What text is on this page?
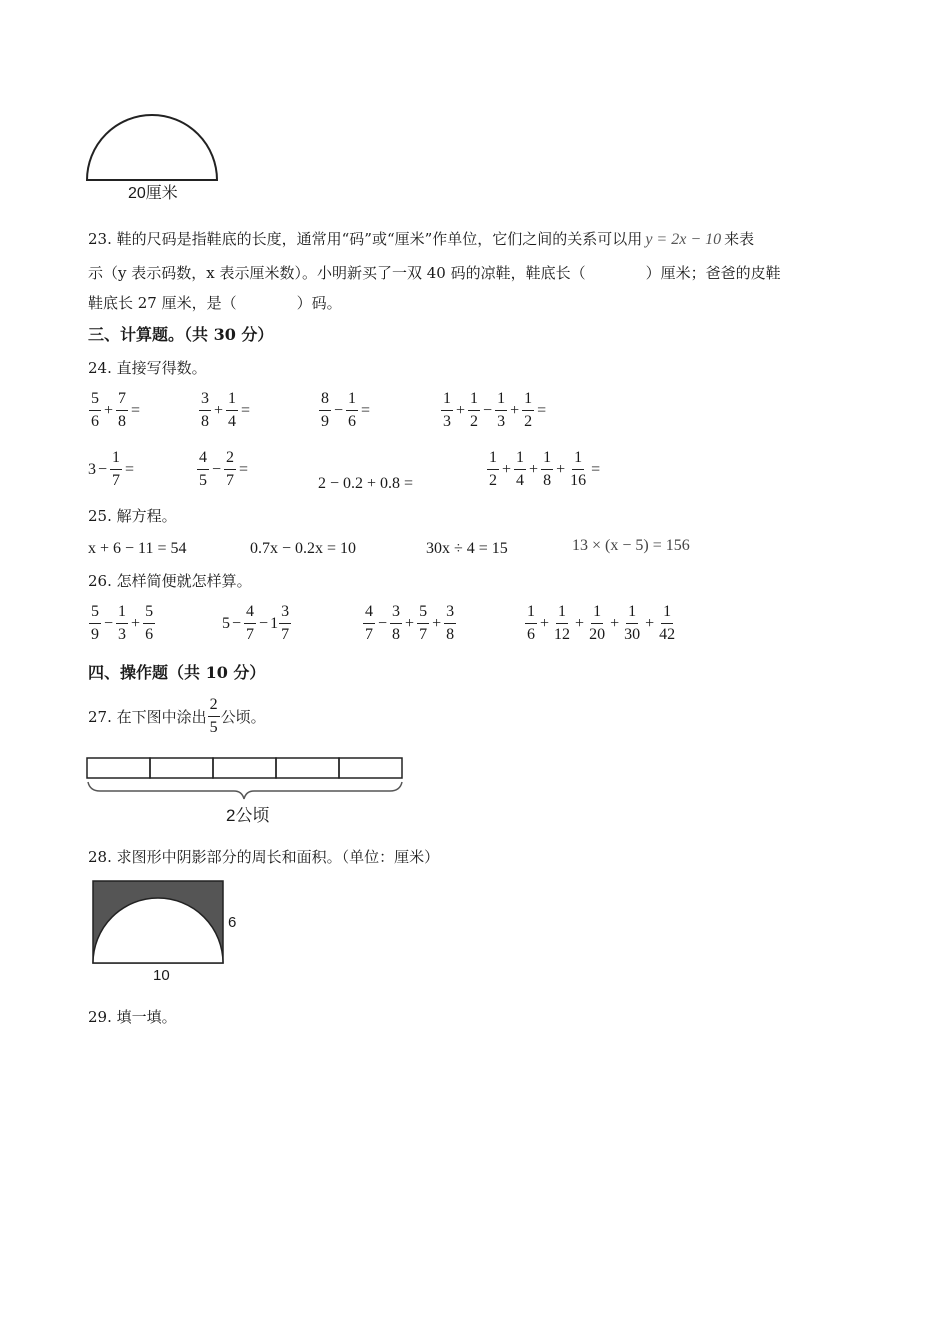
20厘米
23. 鞋的尺码是指鞋底的长度，通常用“码”或“厘米”作单位，它们之间的关系可以用 y = 2x − 10 来表
示（y 表示码数，x 表示厘米数）。小明新买了一双 40 码的凉鞋，鞋底长（　　　　）厘米；爸爸的皮鞋
鞋底长 27 厘米，是（　　　　）码。
三、计算题。（共 30 分）
24. 直接写得数。
$\frac{5}{6} + \frac{7}{8}$ =	$\frac{3}{8} + \frac{1}{4}$ =	$\frac{8}{9} - \frac{1}{6}$ =	$\frac{1}{3} + \frac{1}{2} - \frac{1}{3} + \frac{1}{2}$ =
$3 - \frac{1}{7}$ =	$\frac{4}{5} - \frac{2}{7}$ =
2 − 0.2 + 0.8 =	$\frac{1}{2} + \frac{1}{4} + \frac{1}{8} + \frac{1}{16}$ =
25. 解方程。
x + 6 − 11 = 54	0.7x − 0.2x = 10	30x ÷ 4 = 15	13 × (x − 5) = 156
26. 怎样简便就怎样算。
$\frac{5}{9} - \frac{1}{3} + \frac{5}{6}$	$5 - \frac{4}{7} - 1 \frac{3}{7}$	$\frac{4}{7} - \frac{3}{8} + \frac{5}{7} + \frac{3}{8}$	$\frac{1}{6} + \frac{1}{12} + \frac{1}{20} + \frac{1}{30} + \frac{1}{42}$
四、操作题（共 10 分）
27. 在下图中涂出 $\frac{2}{5}$ 公顷。
2公顷
28. 求图形中阴影部分的周长和面积。（单位：厘米）
6
10
29. 填一填。
